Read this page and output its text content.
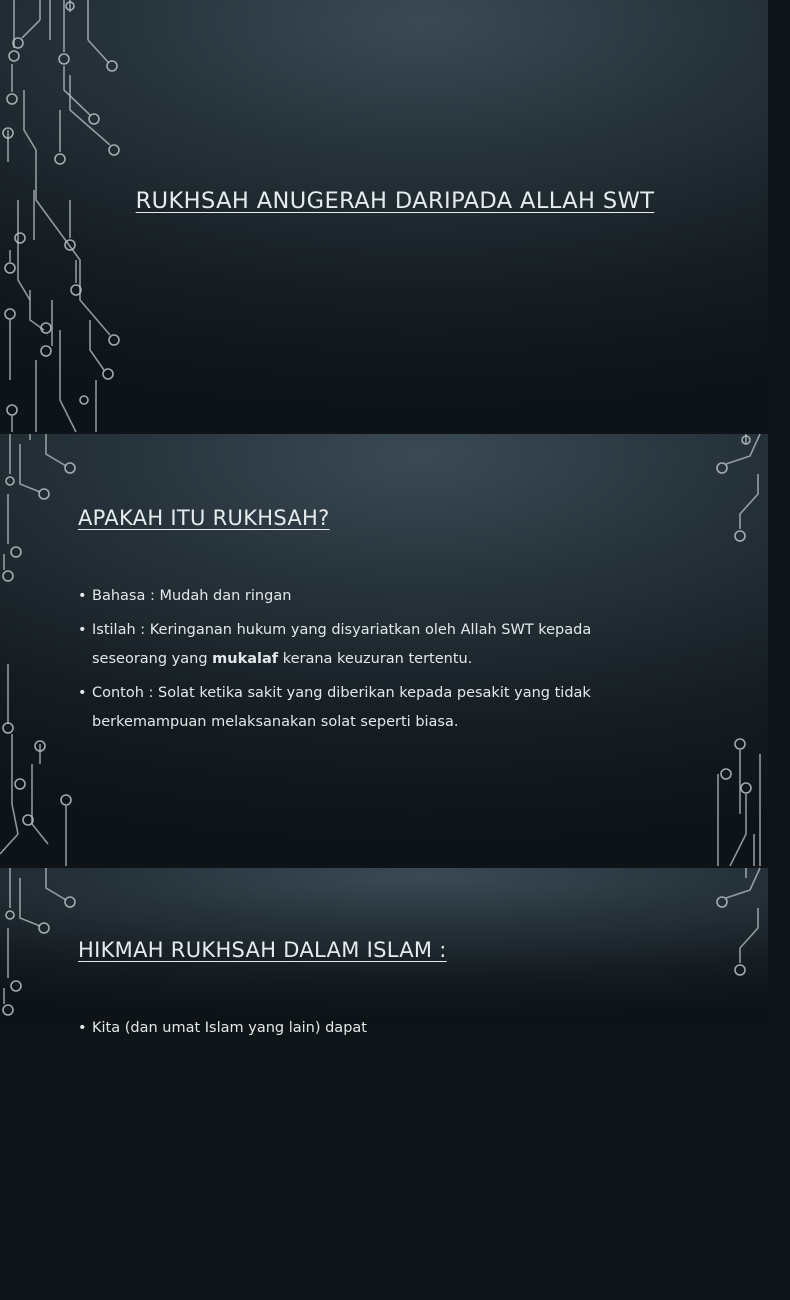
RUKHSAH ANUGERAH DARIPADA ALLAH SWT
APAKAH ITU RUKHSAH?
• Bahasa : Mudah dan ringan
• Istilah : Keringanan hukum yang disyariatkan oleh Allah SWT kepada seseorang yang mukalaf kerana keuzuran tertentu.
• Contoh : Solat ketika sakit yang diberikan kepada pesakit yang tidak berkemampuan melaksanakan solat seperti biasa.
HIKMAH RUKHSAH DALAM ISLAM :
• Kita (dan umat Islam yang lain) dapat
